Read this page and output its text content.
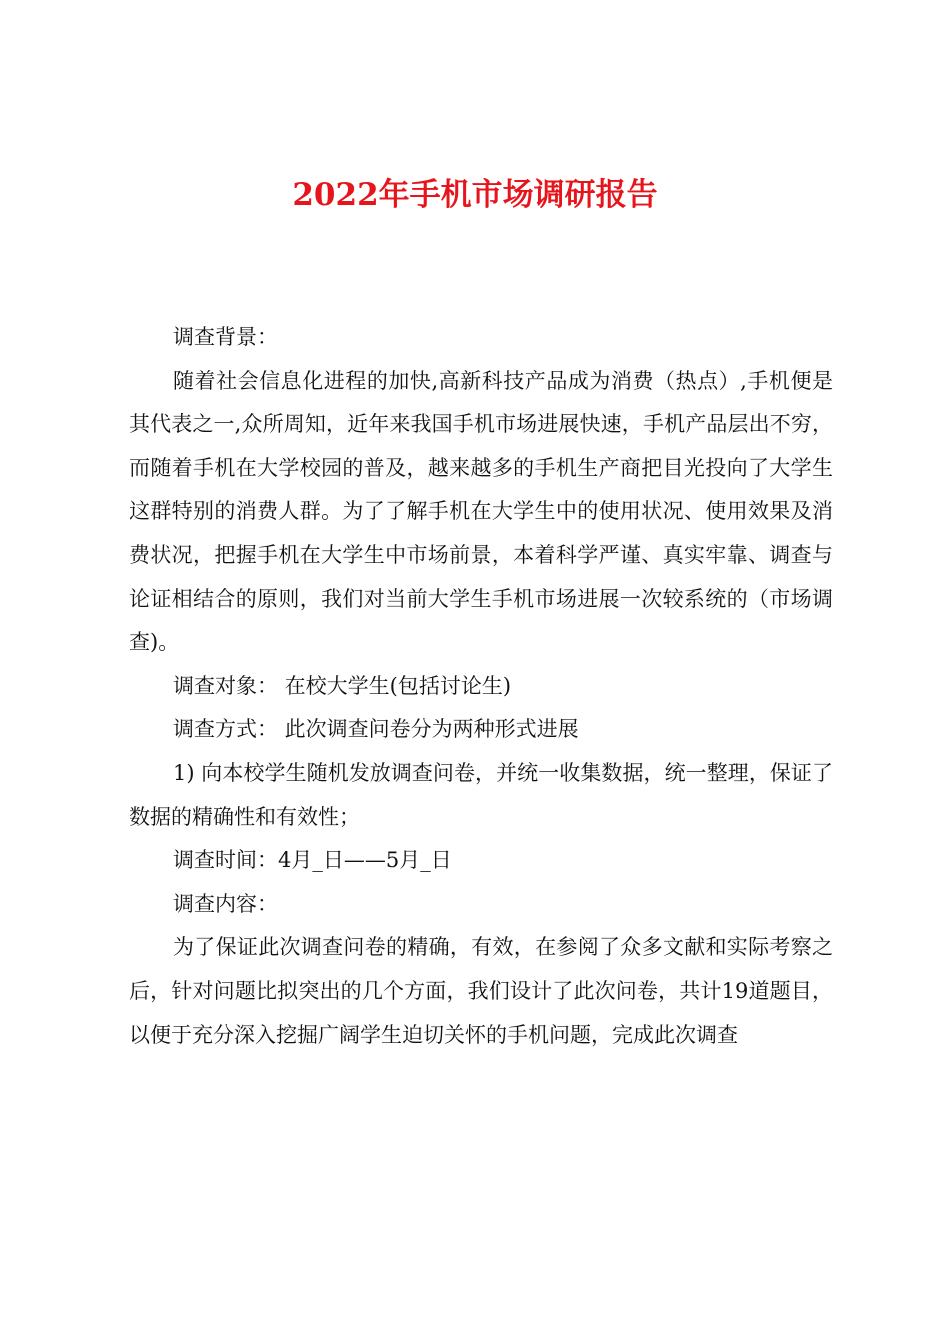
2022年手机市场调研报告

调查背景：

随着社会信息化进程的加快,高新科技产品成为消费（热点）,手机便是其代表之一,众所周知，近年来我国手机市场进展快速，手机产品层出不穷，而随着手机在大学校园的普及，越来越多的手机生产商把目光投向了大学生这群特别的消费人群。为了了解手机在大学生中的使用状况、使用效果及消费状况，把握手机在大学生中市场前景，本着科学严谨、真实牢靠、调查与论证相结合的原则，我们对当前大学生手机市场进展一次较系统的（市场调查)。

调查对象： 在校大学生(包括讨论生)

调查方式： 此次调查问卷分为两种形式进展

1) 向本校学生随机发放调查问卷，并统一收集数据，统一整理，保证了数据的精确性和有效性；

调查时间：4月_日——5月_日

调查内容：

为了保证此次调查问卷的精确，有效，在参阅了众多文献和实际考察之后，针对问题比拟突出的几个方面，我们设计了此次问卷，共计19道题目，以便于充分深入挖掘广阔学生迫切关怀的手机问题，完成此次调查
